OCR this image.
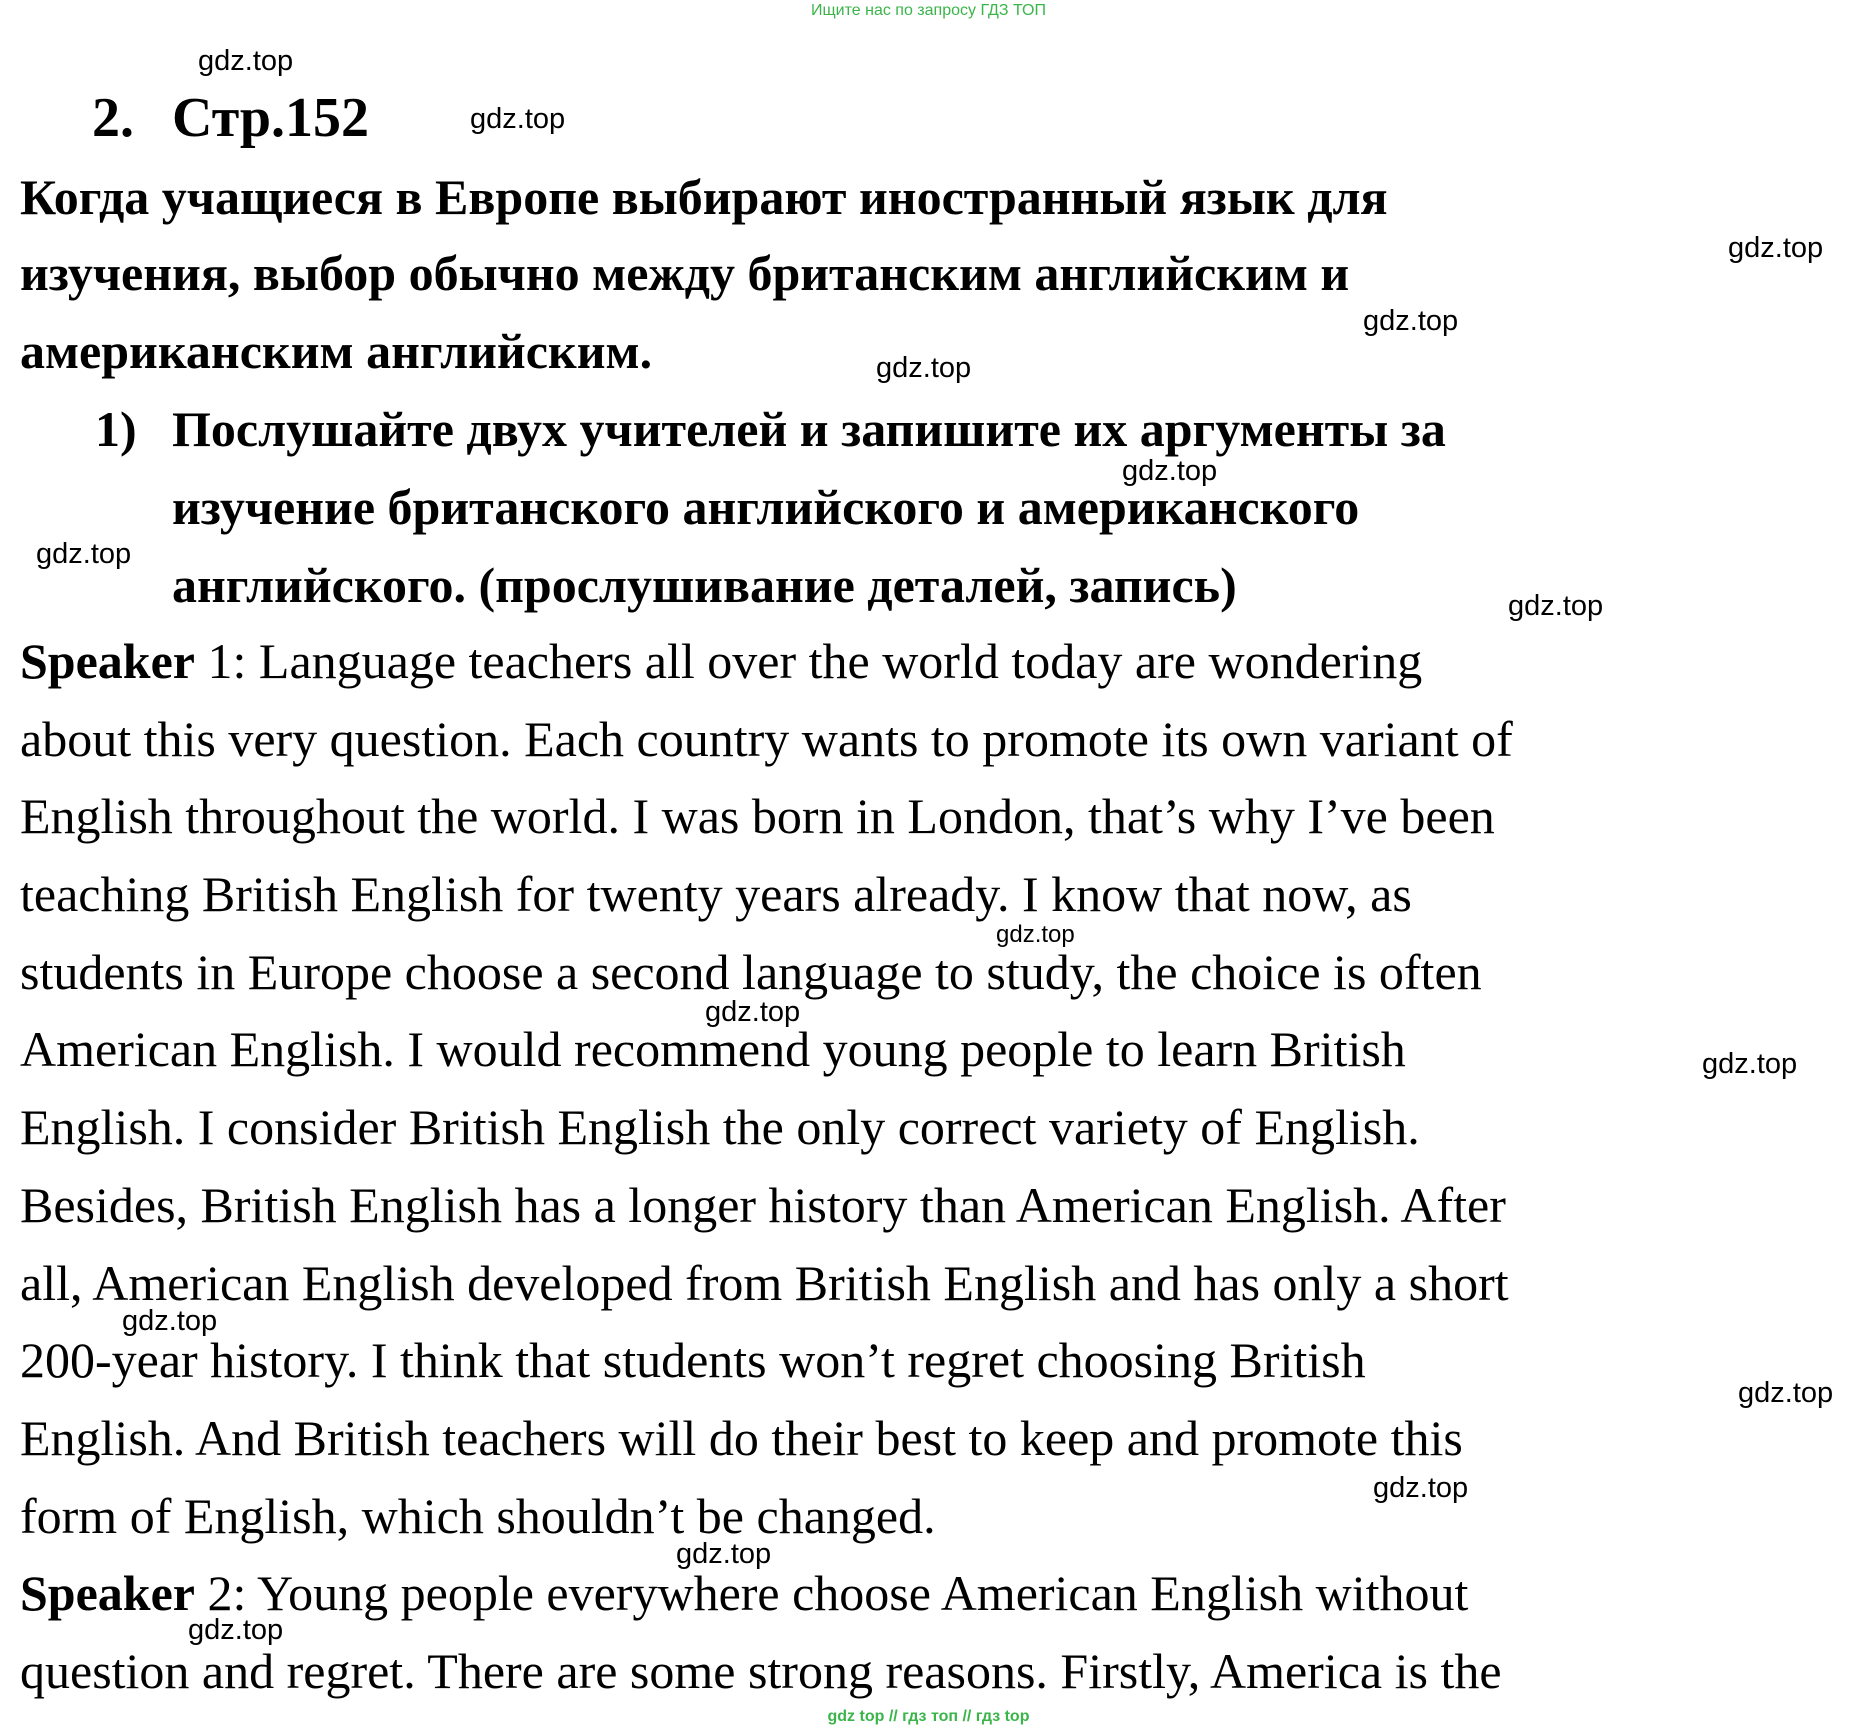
Ищите нас по запросу ГДЗ ТОП
2. Стр.152
Когда учащиеся в Европе выбирают иностранный язык для
изучения, выбор обычно между британским английским и
американским английским.
1) Послушайте двух учителей и запишите их аргументы за
изучение британского английского и американского
английского. (прослушивание деталей, запись)
Speaker 1: Language teachers all over the world today are wondering
about this very question. Each country wants to promote its own variant of
English throughout the world. I was born in London, that’s why I’ve been
teaching British English for twenty years already. I know that now, as
students in Europe choose a second language to study, the choice is often
American English. I would recommend young people to learn British
English. I consider British English the only correct variety of English.
Besides, British English has a longer history than American English. After
all, American English developed from British English and has only a short
200-year history. I think that students won’t regret choosing British
English. And British teachers will do their best to keep and promote this
form of English, which shouldn’t be changed.
Speaker 2: Young people everywhere choose American English without
question and regret. There are some strong reasons. Firstly, America is the
gdz.top
gdz.top
gdz.top
gdz.top
gdz.top
gdz.top
gdz.top
gdz.top
gdz.top
gdz.top
gdz.top
gdz.top
gdz.top
gdz.top
gdz.top
gdz.top
gdz top // гдз топ // гдз top
